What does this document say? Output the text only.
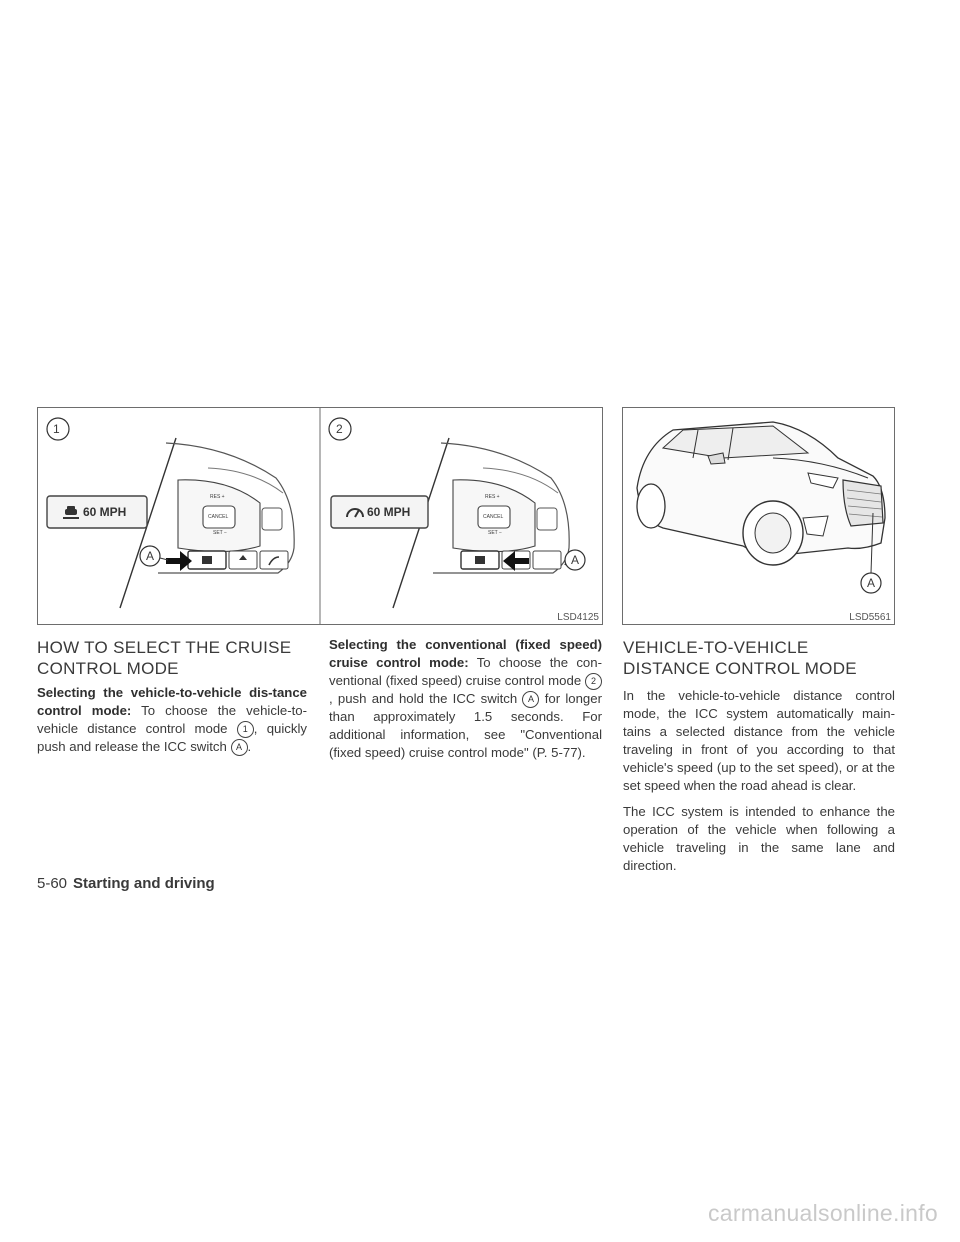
1
60 MPH
RES +
CANCEL
SET −
A
2
60 MPH
RES +
CANCEL
SET −
A
LSD4125
A
LSD5561
HOW TO SELECT THE CRUISE CONTROL MODE

Selecting the vehicle-to-vehicle dis-tance control mode: To choose the vehicle-to-vehicle distance control mode 1 , quickly push and release the ICC switch A .

Selecting the conventional (fixed speed) cruise control mode: To choose the con-ventional (fixed speed) cruise control mode 2, push and hold the ICC switch A for longer than approximately 1.5 seconds. For additional information, see "Conventional (fixed speed) cruise control mode" (P. 5-77).

VEHICLE-TO-VEHICLE DISTANCE CONTROL MODE

In the vehicle-to-vehicle distance control mode, the ICC system automatically main-tains a selected distance from the vehicle traveling in front of you according to that vehicle's speed (up to the set speed), or at the set speed when the road ahead is clear.

The ICC system is intended to enhance the operation of the vehicle when following a vehicle traveling in the same lane and direction.

5-60 Starting and driving
carmanualsonline.info
